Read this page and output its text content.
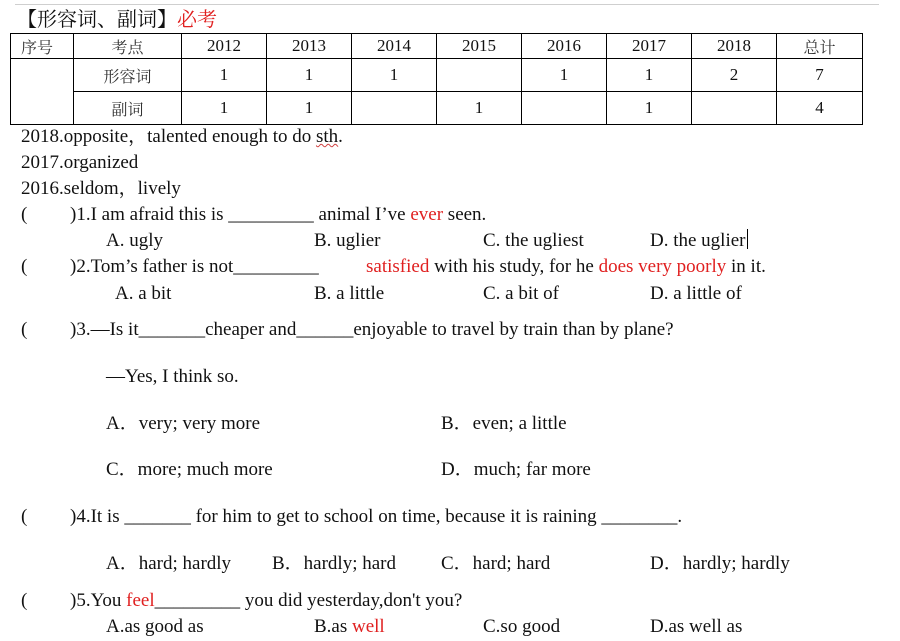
【形容词、副词】必考
序号	考点	2012	2013	2014	2015	2016	2017	2018	总计
	形容词	1	1	1		1	1	2	7
	副词	1	1		1		1		4
2018.opposite，talented enough to do sth.
2017.organized
2016.seldom，lively
( )1.I am afraid this is _________ animal I’ve ever seen.
A. ugly	B. uglier	C. the ugliest	D. the uglier
( )2.Tom’s father is not_________ satisfied with his study, for he does very poorly in it.
A. a bit	B. a little	C. a bit of	D. a little of
( )3.—Is it_______cheaper and______enjoyable to travel by train than by plane?
—Yes, I think so.
A．very; very more	B．even; a little
C．more; much more	D．much; far more
( )4.It is _______ for him to get to school on time, because it is raining ________.
A．hard; hardly B．hardly; hard C．hard; hard	D．hardly; hardly
( )5.You feel_________ you did yesterday,don't you?
A.as good as	B.as well	C.so good	D.as well as
